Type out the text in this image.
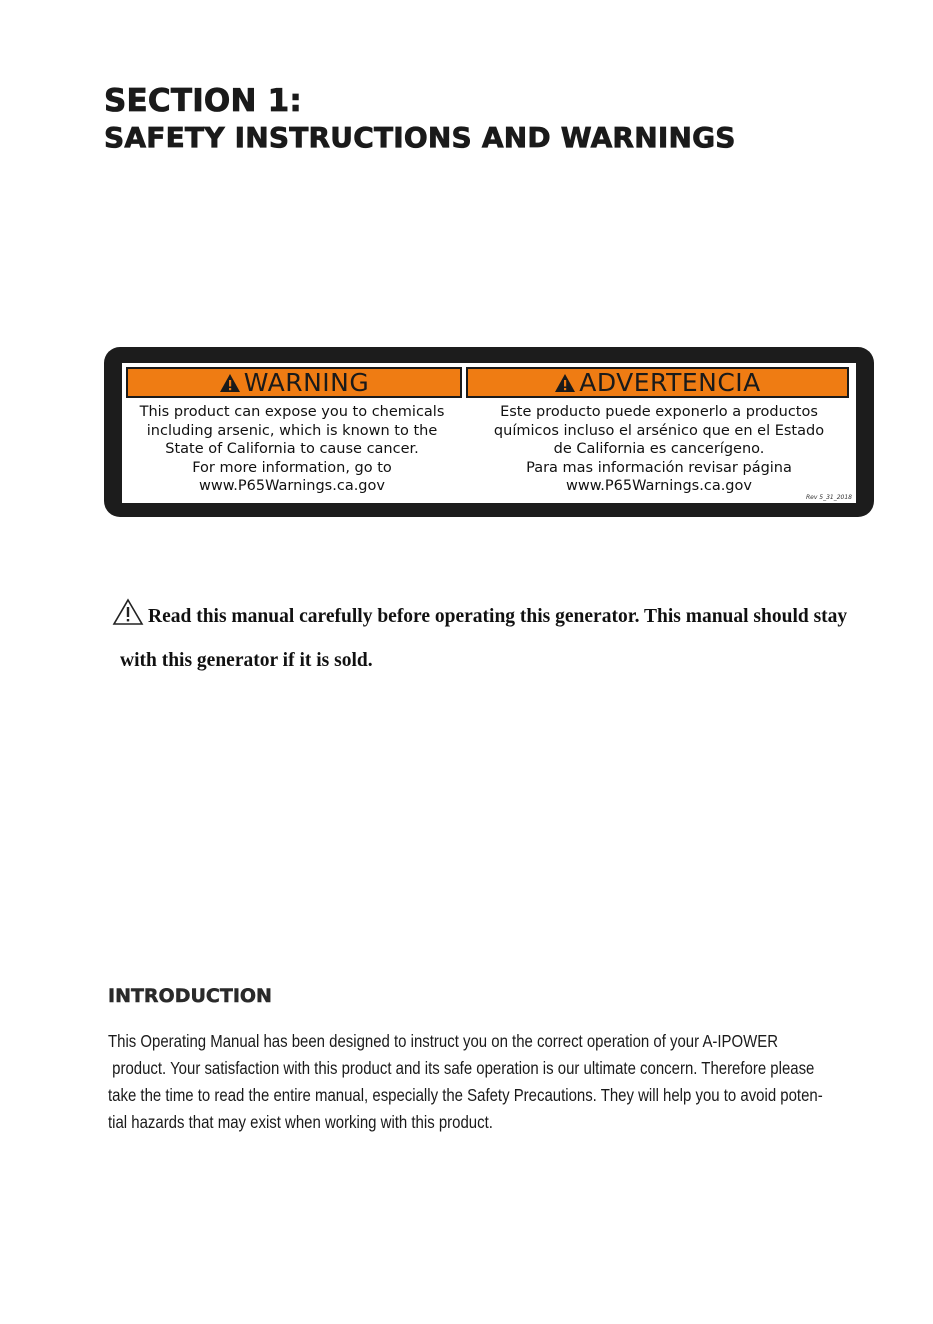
SECTION 1:
SAFETY INSTRUCTIONS AND WARNINGS
WARNING
This product can expose you to chemicals
including arsenic, which is known to the
State of California to cause cancer.
For more information, go to
www.P65Warnings.ca.gov
ADVERTENCIA
Este producto puede exponerlo a productos
químicos incluso el arsénico que en el Estado
de California es cancerígeno.
Para mas información revisar página
www.P65Warnings.ca.gov
Rev 5_31_2018
Read this manual carefully before operating this generator. This manual should stay
with this generator if it is sold.
INTRODUCTION
This Operating Manual has been designed to instruct you on the correct operation of your A-IPOWER
product. Your satisfaction with this product and its safe operation is our ultimate concern. Therefore please
take the time to read the entire manual, especially the Safety Precautions. They will help you to avoid poten-
tial hazards that may exist when working with this product.
